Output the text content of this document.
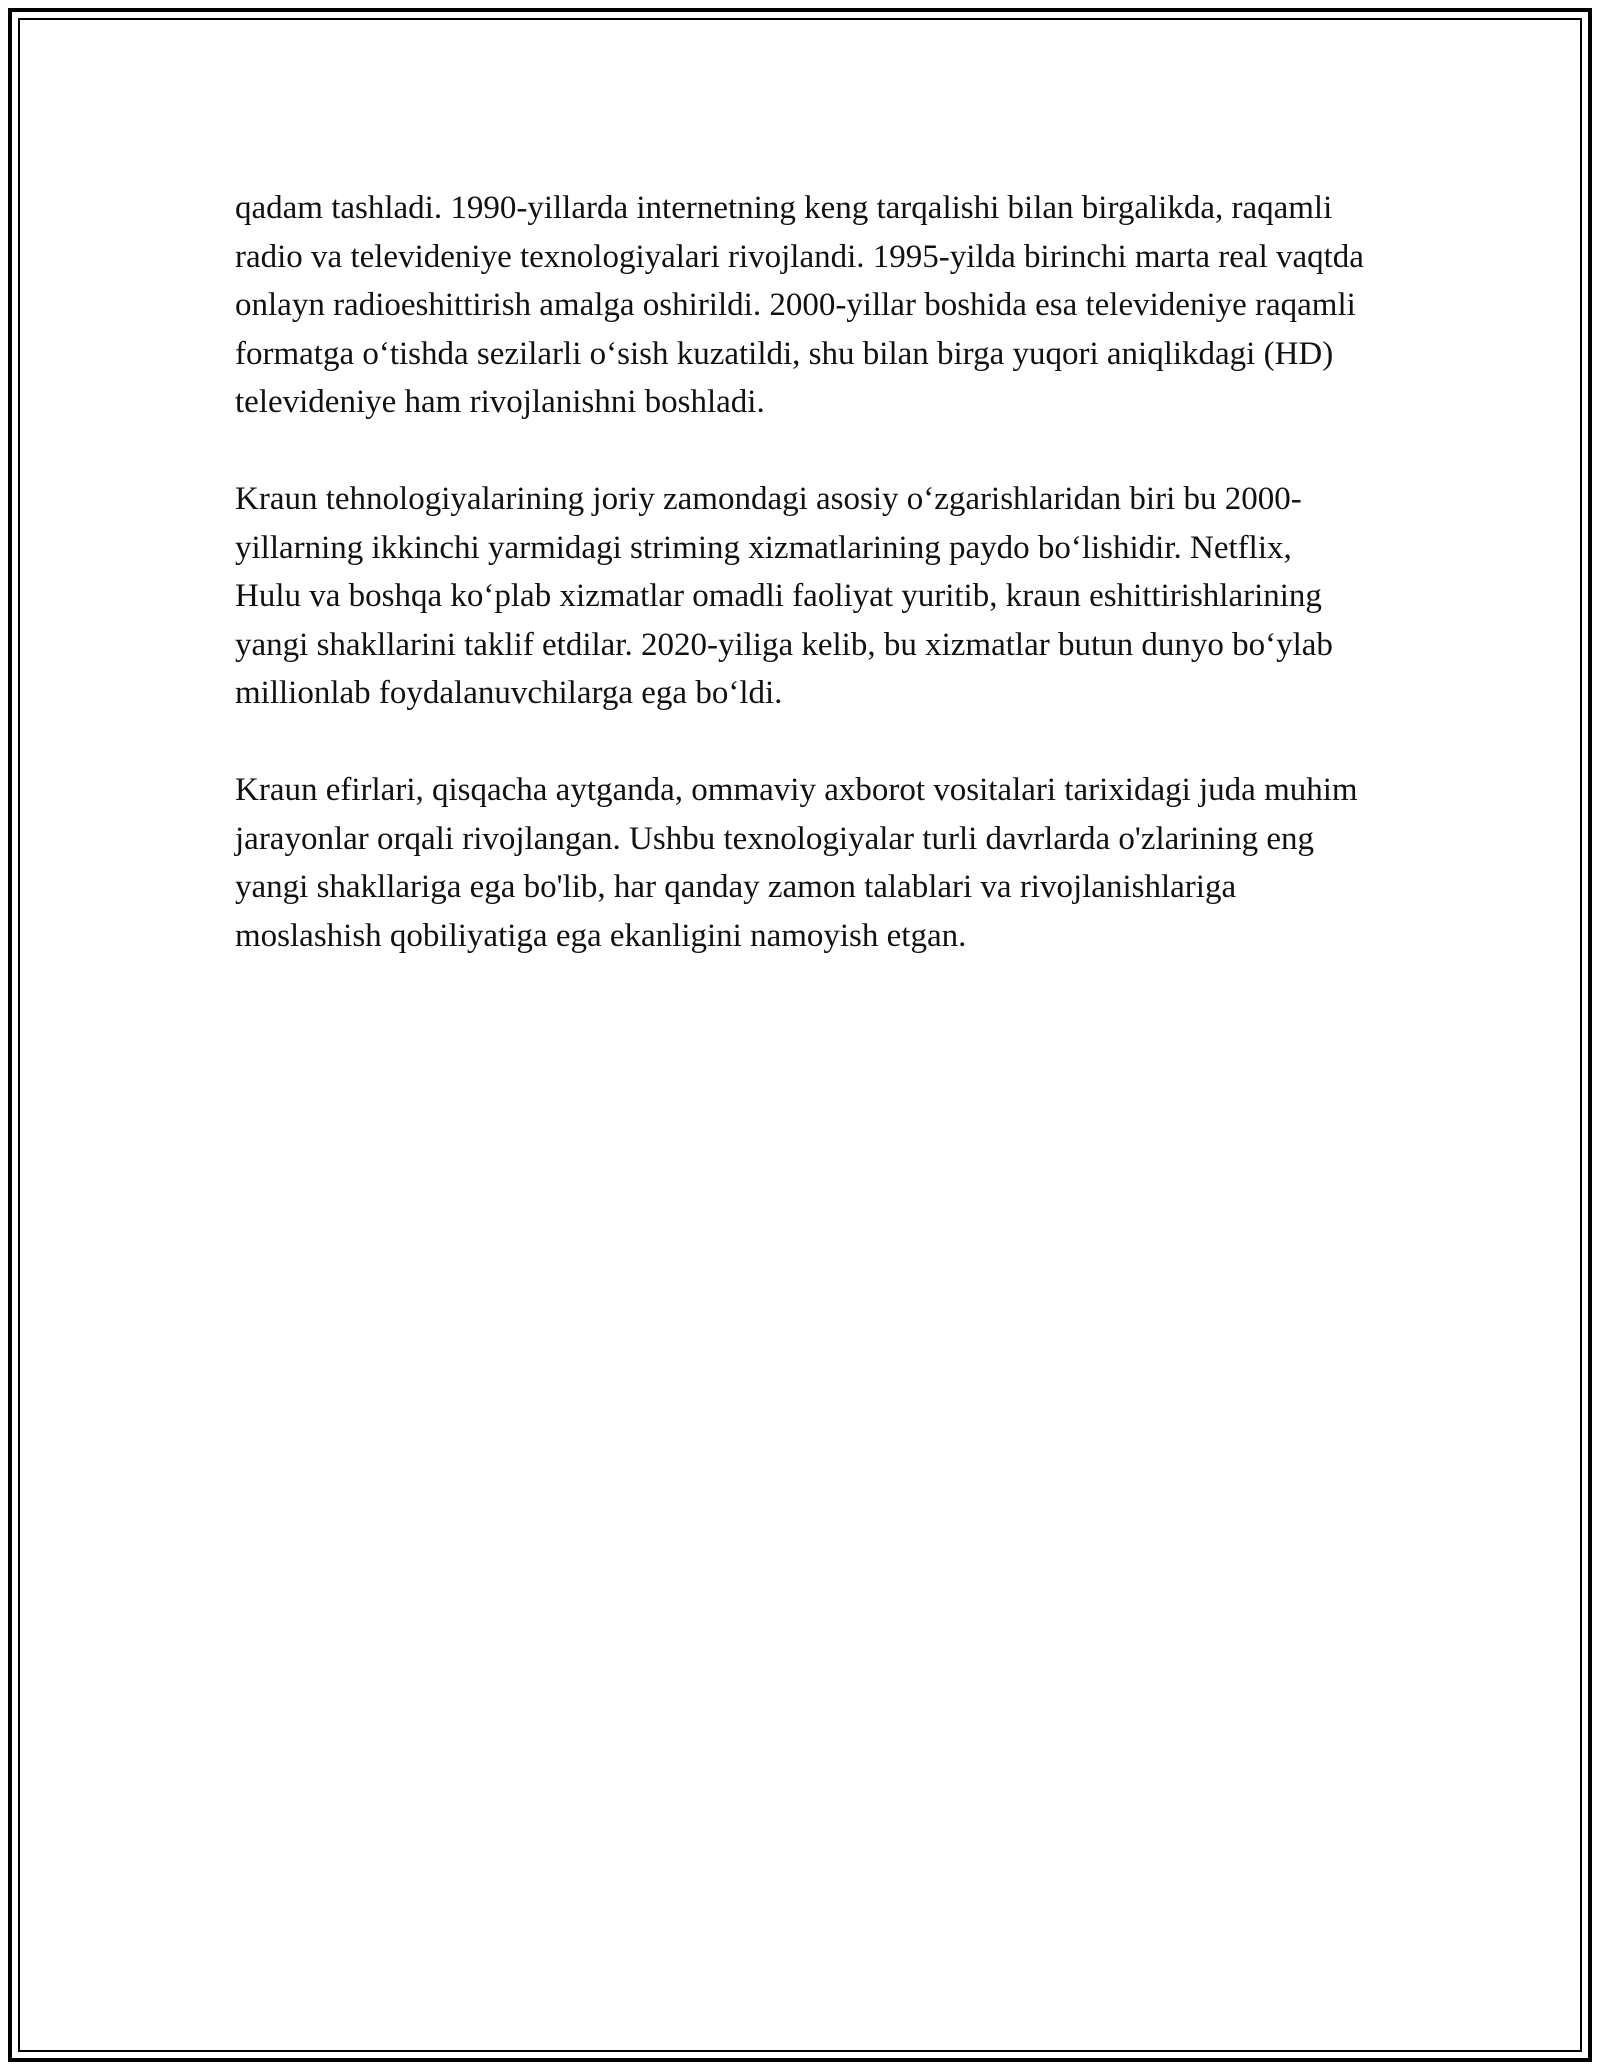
qadam tashladi. 1990-yillarda internetning keng tarqalishi bilan birgalikda, raqamli radio va televideniye texnologiyalari rivojlandi. 1995-yilda birinchi marta real vaqtda onlayn radioeshittirish amalga oshirildi. 2000-yillar boshida esa televideniye raqamli formatga o‘tishda sezilarli o‘sish kuzatildi, shu bilan birga yuqori aniqlikdagi (HD) televideniye ham rivojlanishni boshladi.

Kraun tehnologiyalarining joriy zamondagi asosiy o‘zgarishlaridan biri bu 2000-yillarning ikkinchi yarmidagi striming xizmatlarining paydo bo‘lishidir. Netflix, Hulu va boshqa ko‘plab xizmatlar omadli faoliyat yuritib, kraun eshittirishlarining yangi shakllarini taklif etdilar. 2020-yiliga kelib, bu xizmatlar butun dunyo bo‘ylab millionlab foydalanuvchilarga ega bo‘ldi.

Kraun efirlari, qisqacha aytganda, ommaviy axborot vositalari tarixidagi juda muhim jarayonlar orqali rivojlangan. Ushbu texnologiyalar turli davrlarda o'zlarining eng yangi shakllariga ega bo'lib, har qanday zamon talablari va rivojlanishlariga moslashish qobiliyatiga ega ekanligini namoyish etgan.
